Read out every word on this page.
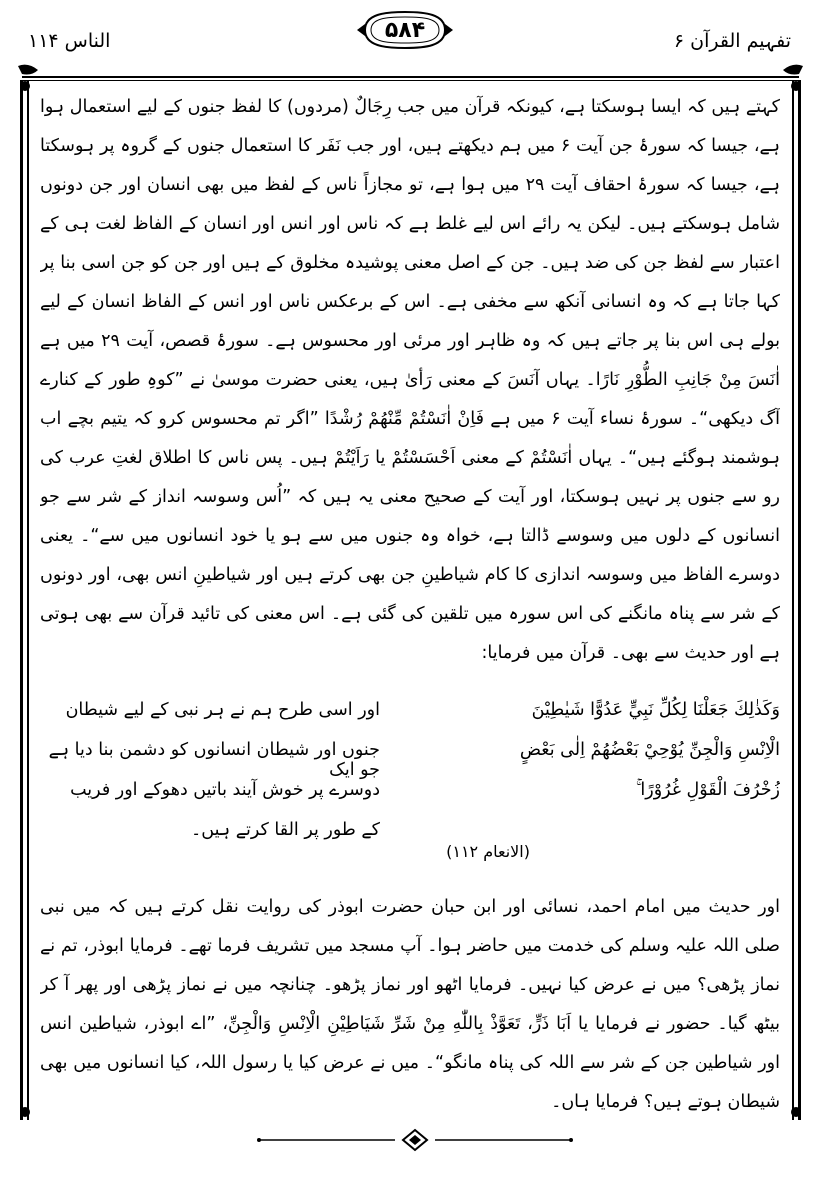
الناس ۱۱۴	۵۸۴	تفہیم القرآن ۶

کہتے ہیں کہ ایسا ہوسکتا ہے، کیونکہ قرآن میں جب رِجَالٌ (مردوں) کا لفظ جنوں کے لیے استعمال ہوا ہے، جیسا کہ سورۂ جن آیت ۶ میں ہم دیکھتے ہیں، اور جب نَفَر کا استعمال جنوں کے گروہ پر ہوسکتا ہے، جیسا کہ سورۂ احقاف آیت ۲۹ میں ہوا ہے، تو مجازاً ناس کے لفظ میں بھی انسان اور جن دونوں شامل ہوسکتے ہیں۔ لیکن یہ رائے اس لیے غلط ہے کہ ناس اور انس اور انسان کے الفاظ لغت ہی کے اعتبار سے لفظ جن کی ضد ہیں۔ جن کے اصل معنی پوشیدہ مخلوق کے ہیں اور جن کو جن اسی بنا پر کہا جاتا ہے کہ وہ انسانی آنکھ سے مخفی ہے۔ اس کے برعکس ناس اور انس کے الفاظ انسان کے لیے بولے ہی اس بنا پر جاتے ہیں کہ وہ ظاہر اور مرئی اور محسوس ہے۔ سورۂ قصص، آیت ۲۹ میں ہے اٰنَسَ مِنْ جَانِبِ الطُّوْرِ نَارًا۔ یہاں آنَسَ کے معنی رَأیٰ ہیں، یعنی حضرت موسیٰ نے ”کوہِ طور کے کنارے آگ دیکھی“۔ سورۂ نساء آیت ۶ میں ہے فَاِنْ اٰنَسْتُمْ مِّنْهُمْ رُشْدًا ”اگر تم محسوس کرو کہ یتیم بچے اب ہوشمند ہوگئے ہیں“۔ یہاں اٰنَسْتُمْ کے معنی اَحْسَسْتُمْ یا رَاَیْتُمْ ہیں۔ پس ناس کا اطلاق لغتِ عرب کی رو سے جنوں پر نہیں ہوسکتا، اور آیت کے صحیح معنی یہ ہیں کہ ”اُس وسوسہ انداز کے شر سے جو انسانوں کے دلوں میں وسوسے ڈالتا ہے، خواہ وہ جنوں میں سے ہو یا خود انسانوں میں سے“۔ یعنی دوسرے الفاظ میں وسوسہ اندازی کا کام شیاطینِ جن بھی کرتے ہیں اور شیاطینِ انس بھی، اور دونوں کے شر سے پناہ مانگنے کی اس سورہ میں تلقین کی گئی ہے۔ اس معنی کی تائید قرآن سے بھی ہوتی ہے اور حدیث سے بھی۔ قرآن میں فرمایا:

وَكَذٰلِكَ جَعَلْنَا لِكُلِّ نَبِيٍّ عَدُوًّا شَيٰطِيْنَ
اور اسی طرح ہم نے ہر نبی کے لیے شیطان
الْاِنْسِ وَالْجِنِّ يُوْحِيْ بَعْضُهُمْ اِلٰى بَعْضٍ
جنوں اور شیطان انسانوں کو دشمن بنا دیا ہے جو ایک
زُخْرُفَ الْقَوْلِ غُرُوْرًا ۚ
دوسرے پر خوش آیند باتیں دھوکے اور فریب
کے طور پر القا کرتے ہیں۔
(الانعام ۱۱۲)

اور حدیث میں امام احمد، نسائی اور ابن حبان حضرت ابوذر کی روایت نقل کرتے ہیں کہ میں نبی صلی اللہ علیہ وسلم کی خدمت میں حاضر ہوا۔ آپ مسجد میں تشریف فرما تھے۔ فرمایا ابوذر، تم نے نماز پڑھی؟ میں نے عرض کیا نہیں۔ فرمایا اٹھو اور نماز پڑھو۔ چنانچہ میں نے نماز پڑھی اور پھر آ کر بیٹھ گیا۔ حضور نے فرمایا یا اَبَا ذَرٍّ، تَعَوَّذْ بِاللّٰهِ مِنْ شَرِّ شَيَاطِيْنِ الْاِنْسِ وَالْجِنِّ، ”اے ابوذر، شیاطین انس اور شیاطین جن کے شر سے اللہ کی پناہ مانگو“۔ میں نے عرض کیا یا رسول اللہ، کیا انسانوں میں بھی شیطان ہوتے ہیں؟ فرمایا ہاں۔
